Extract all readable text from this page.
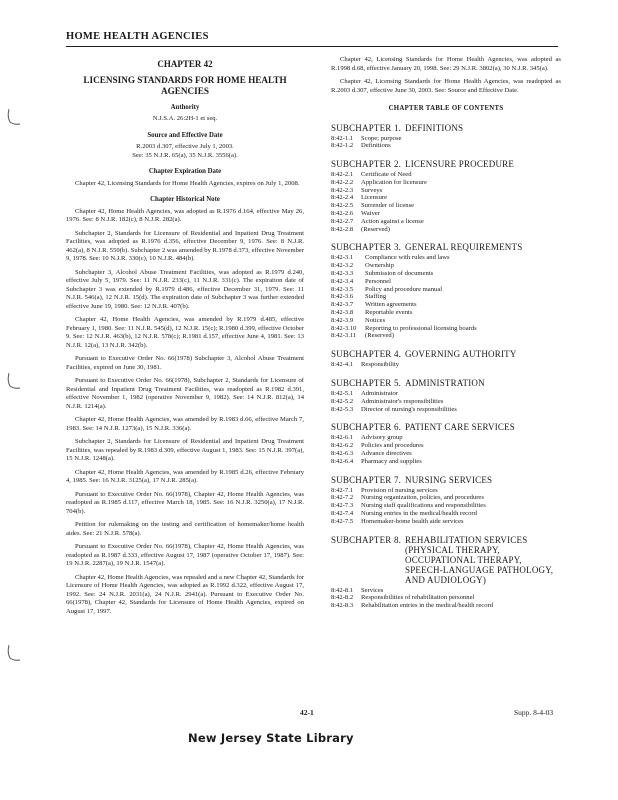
HOME HEALTH AGENCIES
CHAPTER 42
LICENSING STANDARDS FOR HOME HEALTH AGENCIES
Authority
N.J.S.A. 26:2H-1 et seq.
Source and Effective Date
R.2003 d.307, effective July 1, 2003.
See: 35 N.J.R. 65(a), 35 N.J.R. 3556(a).
Chapter Expiration Date

Chapter 42, Licensing Standards for Home Health Agencies, expires on July 1, 2008.

Chapter Historical Note

Chapter 42, Home Health Agencies, was adopted as R.1976 d.164, effective May 26, 1976. See: 8 N.J.R. 182(c), 8 N.J.R. 282(a).

Subchapter 2, Standards for Licensure of Residential and Inpatient Drug Treatment Facilities, was adopted as R.1976 d.356, effective December 9, 1976. See: 8 N.J.R. 462(a), 8 N.J.R. 550(b). Subchapter 2 was amended by R.1978 d.373, effective November 9, 1978. See: 10 N.J.R. 330(c), 10 N.J.R. 484(b).

Subchapter 3, Alcohol Abuse Treatment Facilities, was adopted as R.1979 d.240, effective July 5, 1979. See: 11 N.J.R. 233(c), 11 N.J.R. 331(c). The expiration date of Subchapter 3 was extended by R.1979 d.486, effective December 31, 1979. See: 11 N.J.R. 546(a), 12 N.J.R. 15(d). The expiration date of Subchapter 3 was further extended effective June 19, 1980. See: 12 N.J.R. 407(b).

Chapter 42, Home Health Agencies, was amended by R.1979 d.485, effective February 1, 1980. See: 11 N.J.R. 545(d), 12 N.J.R. 15(c); R.1980 d.399, effective October 9. See: 12 N.J.R. 463(b), 12 N.J.R. 578(c); R.1981 d.157, effective June 4, 1981. See: 13 N.J.R. 12(a), 13 N.J.R. 342(b).

Pursuant to Executive Order No. 66(1978) Subchapter 3, Alcohol Abuse Treatment Facilities, expired on June 30, 1981.

Pursuant to Executive Order No. 66(1978), Subchapter 2, Standards for Licensure of Residential and Inpatient Drug Treatment Facilities, was readopted as R.1982 d.391, effective November 1, 1982 (operative November 9, 1982). See: 14 N.J.R. 812(a), 14 N.J.R. 1214(a).

Chapter 42, Home Health Agencies, was amended by R.1983 d.66, effective March 7, 1983. See: 14 N.J.R. 1273(a), 15 N.J.R. 336(a).

Subchapter 2, Standards for Licensure of Residential and Inpatient Drug Treatment Facilities, was repealed by R.1983 d.309, effective August 1, 1983. See: 15 N.J.R. 397(a), 15 N.J.R. 1248(a).

Chapter 42, Home Health Agencies, was amended by R.1985 d.26, effective February 4, 1985. See: 16 N.J.R. 3125(a), 17 N.J.R. 285(a).

Pursuant to Executive Order No. 66(1978), Chapter 42, Home Health Agencies, was readopted as R.1985 d.117, effective March 18, 1985. See: 16 N.J.R. 3250(a), 17 N.J.R. 704(b).

Petition for rulemaking on the testing and certification of homemaker/home health aides. See: 21 N.J.R. 578(a).

Pursuant to Executive Order No. 66(1978), Chapter 42, Home Health Agencies, was readopted as R.1987 d.333, effective August 17, 1987 (operative October 17, 1987). See: 19 N.J.R. 2287(a), 19 N.J.R. 1547(a).

Chapter 42, Home Health Agencies, was repealed and a new Chapter 42, Standards for Licensure of Home Health Agencies, was adopted as R.1992 d.322, effective August 17, 1992. See: 24 N.J.R. 2031(a), 24 N.J.R. 2941(a). Pursuant to Executive Order No. 66(1978), Chapter 42, Standards for Licensure of Home Health Agencies, expired on August 17, 1997.

Chapter 42, Licensing Standards for Home Health Agencies, was adopted as R.1998 d.68, effective January 20, 1998. See: 29 N.J.R. 3802(a), 30 N.J.R. 345(a).

Chapter 42, Licensing Standards for Home Health Agencies, was readopted as R.2003 d.307, effective June 30, 2003. See: Source and Effective Date.

CHAPTER TABLE OF CONTENTS
SUBCHAPTER 1. DEFINITIONS
8:42-1.1 Scope; purpose
8:42-1.2 Definitions
SUBCHAPTER 2. LICENSURE PROCEDURE
8:42-2.1 Certificate of Need
8:42-2.2 Application for licensure
8:42-2.3 Surveys
8:42-2.4 Licensure
8:42-2.5 Surrender of license
8:42-2.6 Waiver
8:42-2.7 Action against a license
8:42-2.8 (Reserved)
SUBCHAPTER 3. GENERAL REQUIREMENTS
8:42-3.1 Compliance with rules and laws
8:42-3.2 Ownership
8:42-3.3 Submission of documents
8:42-3.4 Personnel
8:42-3.5 Policy and procedure manual
8:42-3.6 Staffing
8:42-3.7 Written agreements
8:42-3.8 Reportable events
8:42-3.9 Notices
8:42-3.10 Reporting to professional licensing boards
8:42-3.11 (Reserved)
SUBCHAPTER 4. GOVERNING AUTHORITY
8:42-4.1 Responsibility
SUBCHAPTER 5. ADMINISTRATION
8:42-5.1 Administrator
8:42-5.2 Administrator's responsibilities
8:42-5.3 Director of nursing's responsibilities
SUBCHAPTER 6. PATIENT CARE SERVICES
8:42-6.1 Advisory group
8:42-6.2 Policies and procedures
8:42-6.3 Advance directives
8:42-6.4 Pharmacy and supplies
SUBCHAPTER 7. NURSING SERVICES
8:42-7.1 Provision of nursing services
8:42-7.2 Nursing organization, policies, and procedures
8:42-7.3 Nursing staff qualifications and responsibilities
8:42-7.4 Nursing entries in the medical/health record
8:42-7.5 Homemaker-home health aide services
SUBCHAPTER 8. REHABILITATION SERVICES (PHYSICAL THERAPY, OCCUPATIONAL THERAPY, SPEECH-LANGUAGE PATHOLOGY, AND AUDIOLOGY)
8:42-8.1 Services
8:42-8.2 Responsibilities of rehabilitation personnel
8:42-8.3 Rehabilitation entries in the medical/health record
42-1	Supp. 8-4-03
New Jersey State Library
